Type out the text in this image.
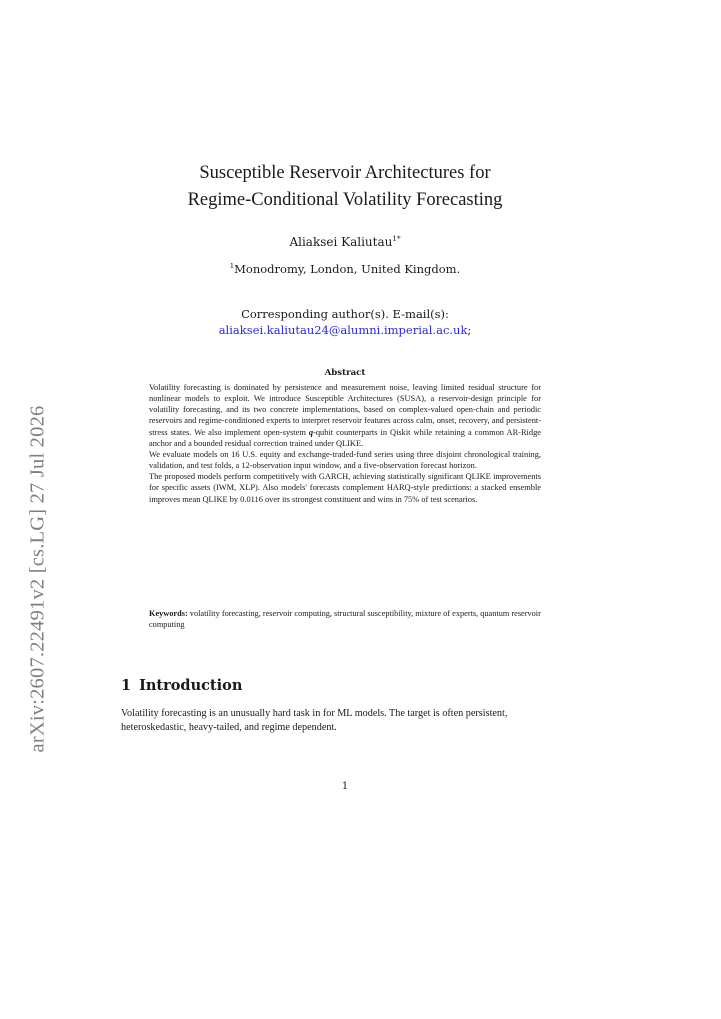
arXiv:2607.22491v2 [cs.LG] 27 Jul 2026
Susceptible Reservoir Architectures for
Regime-Conditional Volatility Forecasting
Aliaksei Kaliutau$^{1*}$
$^1$Monodromy, London, United Kingdom.
Corresponding author(s). E-mail(s):
aliaksei.kaliutau24@alumni.imperial.ac.uk;
Abstract

Volatility forecasting is dominated by persistence and measurement noise, leaving limited residual structure for nonlinear models to exploit. We introduce Susceptible Architectures (SUSA), a reservoir-design principle for volatility forecasting, and its two concrete implementations, based on complex-valued open-chain and periodic reservoirs and regime-conditioned experts to interpret reservoir features across calm, onset, recovery, and persistent-stress states. We also implement open-system q-qubit counterparts in Qiskit while retaining a common AR-Ridge anchor and a bounded residual correction trained under QLIKE.

We evaluate models on 16 U.S. equity and exchange-traded-fund series using three disjoint chronological training, validation, and test folds, a 12-observation input window, and a five-observation forecast horizon.

The proposed models perform competitively with GARCH, achieving statistically significant QLIKE improvements for specific assets (IWM, XLP). Also models' forecasts complement HARQ-style predictions: a stacked ensemble improves mean QLIKE by 0.0116 over its strongest constituent and wins in 75% of test scenarios.

Keywords: volatility forecasting, reservoir computing, structural susceptibility, mixture of experts, quantum reservoir computing
1 Introduction
Volatility forecasting is an unusually hard task in for ML models. The target is often persistent, heteroskedastic, heavy-tailed, and regime dependent.
1
